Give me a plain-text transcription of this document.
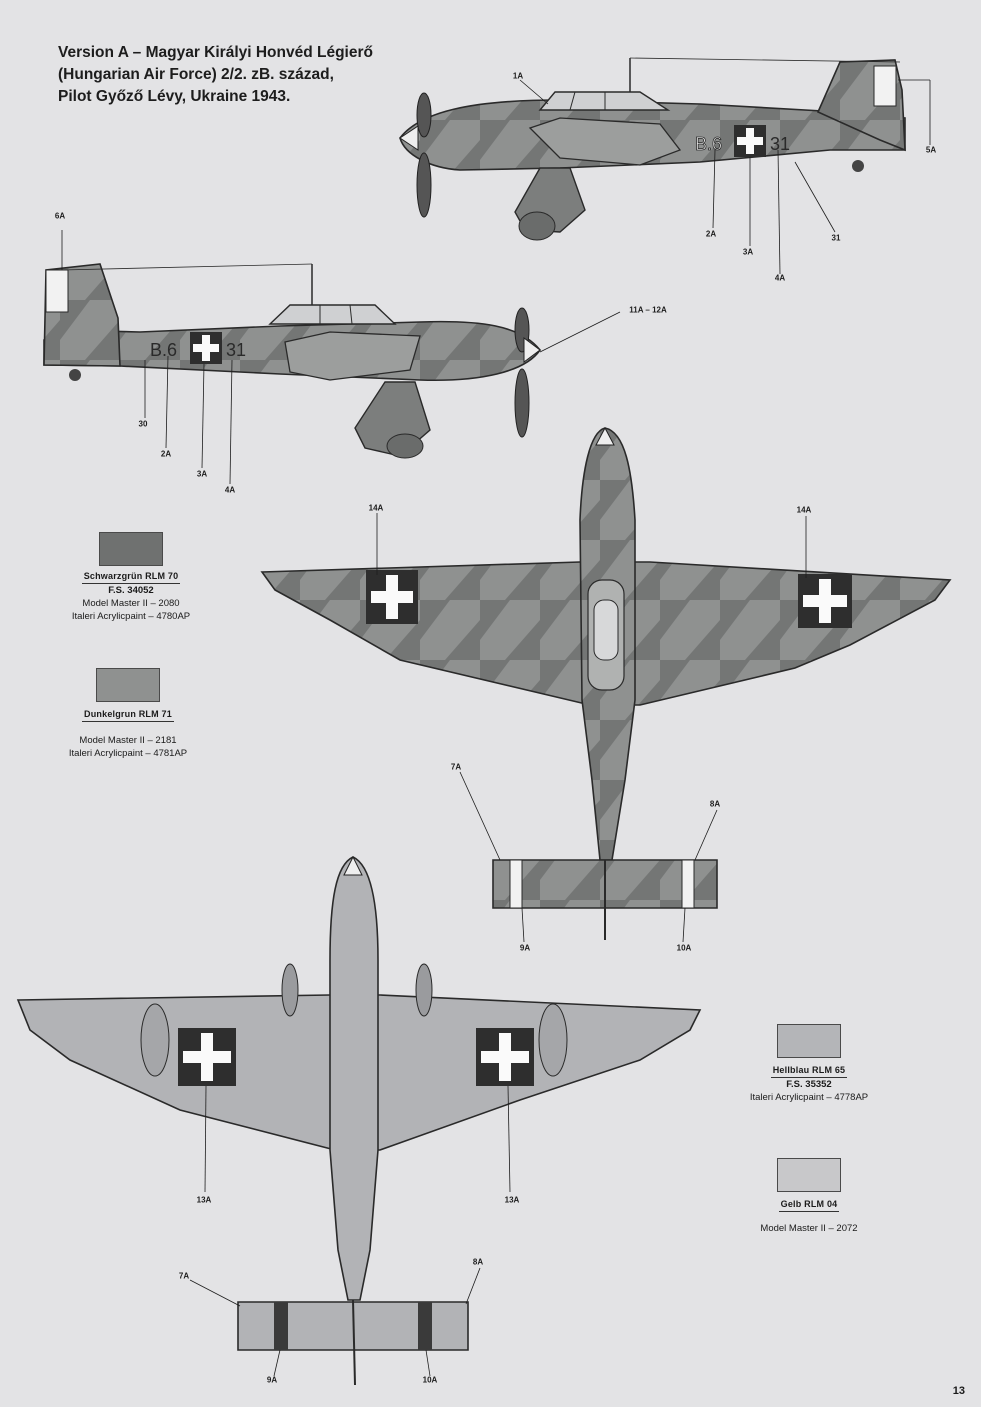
Version A – Magyar Királyi Honvéd Légierő
(Hungarian Air Force) 2/2. zB. század,
Pilot Győző Lévy, Ukraine 1943.
B.6	31
B.6	31
1A
5A
2A
3A
4A
31
6A
11A – 12A
30
2A
3A
4A
14A	14A
7A
8A
9A	10A
13A	13A
7A
8A
9A	10A
Schwarzgrün RLM 70
F.S. 34052
Model Master II – 2080
Italeri Acrylicpaint – 4780AP
Dunkelgrun RLM 71
Model Master II – 2181
Italeri Acrylicpaint – 4781AP
Hellblau RLM 65
F.S. 35352
Italeri Acrylicpaint – 4778AP
Gelb RLM 04
Model Master II – 2072
13
